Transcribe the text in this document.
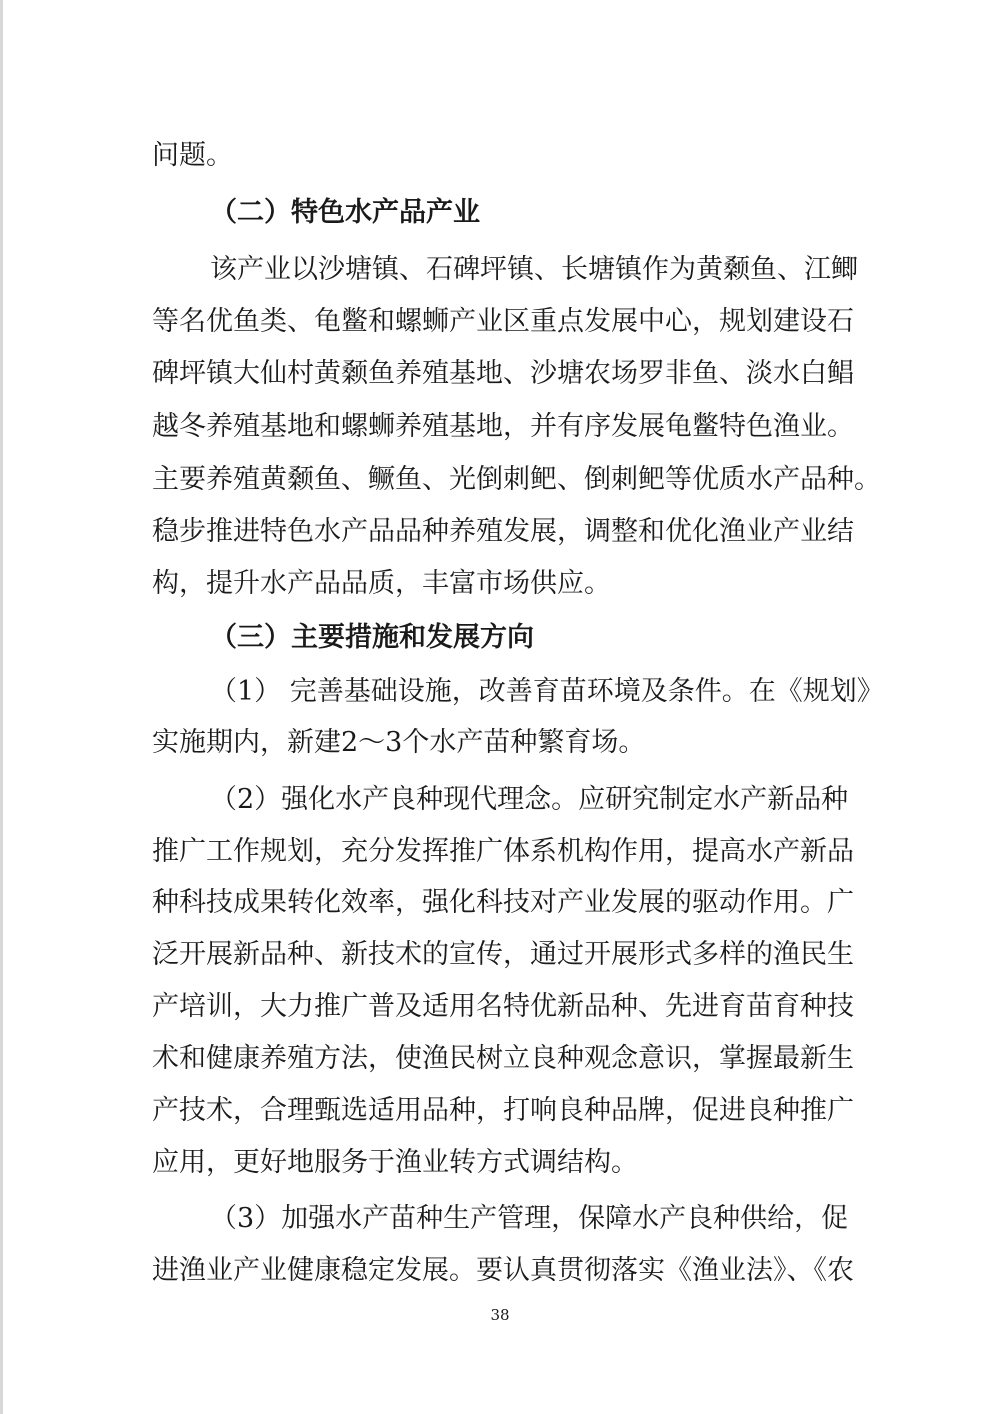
问题。
（二）特色水产品产业
该产业以沙塘镇、石碑坪镇、长塘镇作为黄颡鱼、江鲫
等名优鱼类、龟鳖和螺蛳产业区重点发展中心，规划建设石
碑坪镇大仙村黄颡鱼养殖基地、沙塘农场罗非鱼、淡水白鲳
越冬养殖基地和螺蛳养殖基地，并有序发展龟鳖特色渔业。
主要养殖黄颡鱼、鳜鱼、光倒刺鲃、倒刺鲃等优质水产品种。
稳步推进特色水产品品种养殖发展，调整和优化渔业产业结
构，提升水产品品质，丰富市场供应。
（三）主要措施和发展方向
（1） 完善基础设施，改善育苗环境及条件。在《规划》
实施期内，新建2～3个水产苗种繁育场。
（2）强化水产良种现代理念。应研究制定水产新品种
推广工作规划，充分发挥推广体系机构作用，提高水产新品
种科技成果转化效率，强化科技对产业发展的驱动作用。广
泛开展新品种、新技术的宣传，通过开展形式多样的渔民生
产培训，大力推广普及适用名特优新品种、先进育苗育种技
术和健康养殖方法，使渔民树立良种观念意识，掌握最新生
产技术，合理甄选适用品种，打响良种品牌，促进良种推广
应用，更好地服务于渔业转方式调结构。
（3）加强水产苗种生产管理，保障水产良种供给，促
进渔业产业健康稳定发展。要认真贯彻落实《渔业法》、《农
38
